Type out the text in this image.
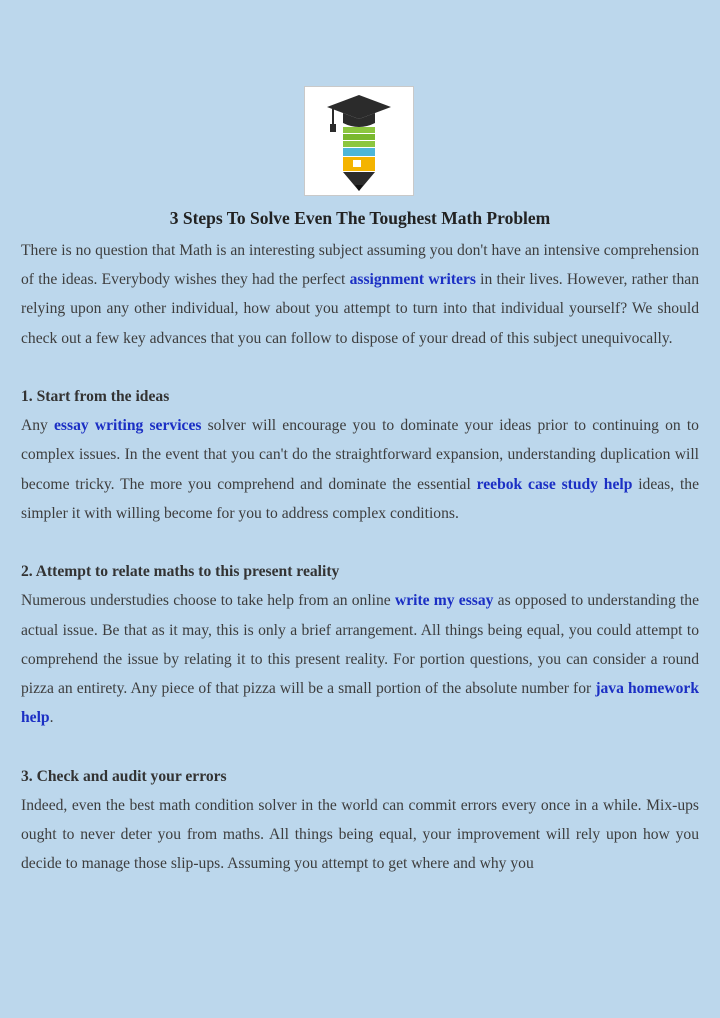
3 Steps To Solve Even The Toughest Math Problem

There is no question that Math is an interesting subject assuming you don't have an intensive comprehension of the ideas. Everybody wishes they had the perfect assignment writers in their lives. However, rather than relying upon any other individual, how about you attempt to turn into that individual yourself? We should check out a few key advances that you can follow to dispose of your dread of this subject unequivocally.

1. Start from the ideas

Any essay writing services solver will encourage you to dominate your ideas prior to continuing on to complex issues. In the event that you can't do the straightforward expansion, understanding duplication will become tricky. The more you comprehend and dominate the essential reebok case study help ideas, the simpler it with willing become for you to address complex conditions.

2. Attempt to relate maths to this present reality

Numerous understudies choose to take help from an online write my essay as opposed to understanding the actual issue. Be that as it may, this is only a brief arrangement. All things being equal, you could attempt to comprehend the issue by relating it to this present reality. For portion questions, you can consider a round pizza an entirety. Any piece of that pizza will be a small portion of the absolute number for java homework help.

3. Check and audit your errors

Indeed, even the best math condition solver in the world can commit errors every once in a while. Mix-ups ought to never deter you from maths. All things being equal, your improvement will rely upon how you decide to manage those slip-ups. Assuming you attempt to get where and why you
